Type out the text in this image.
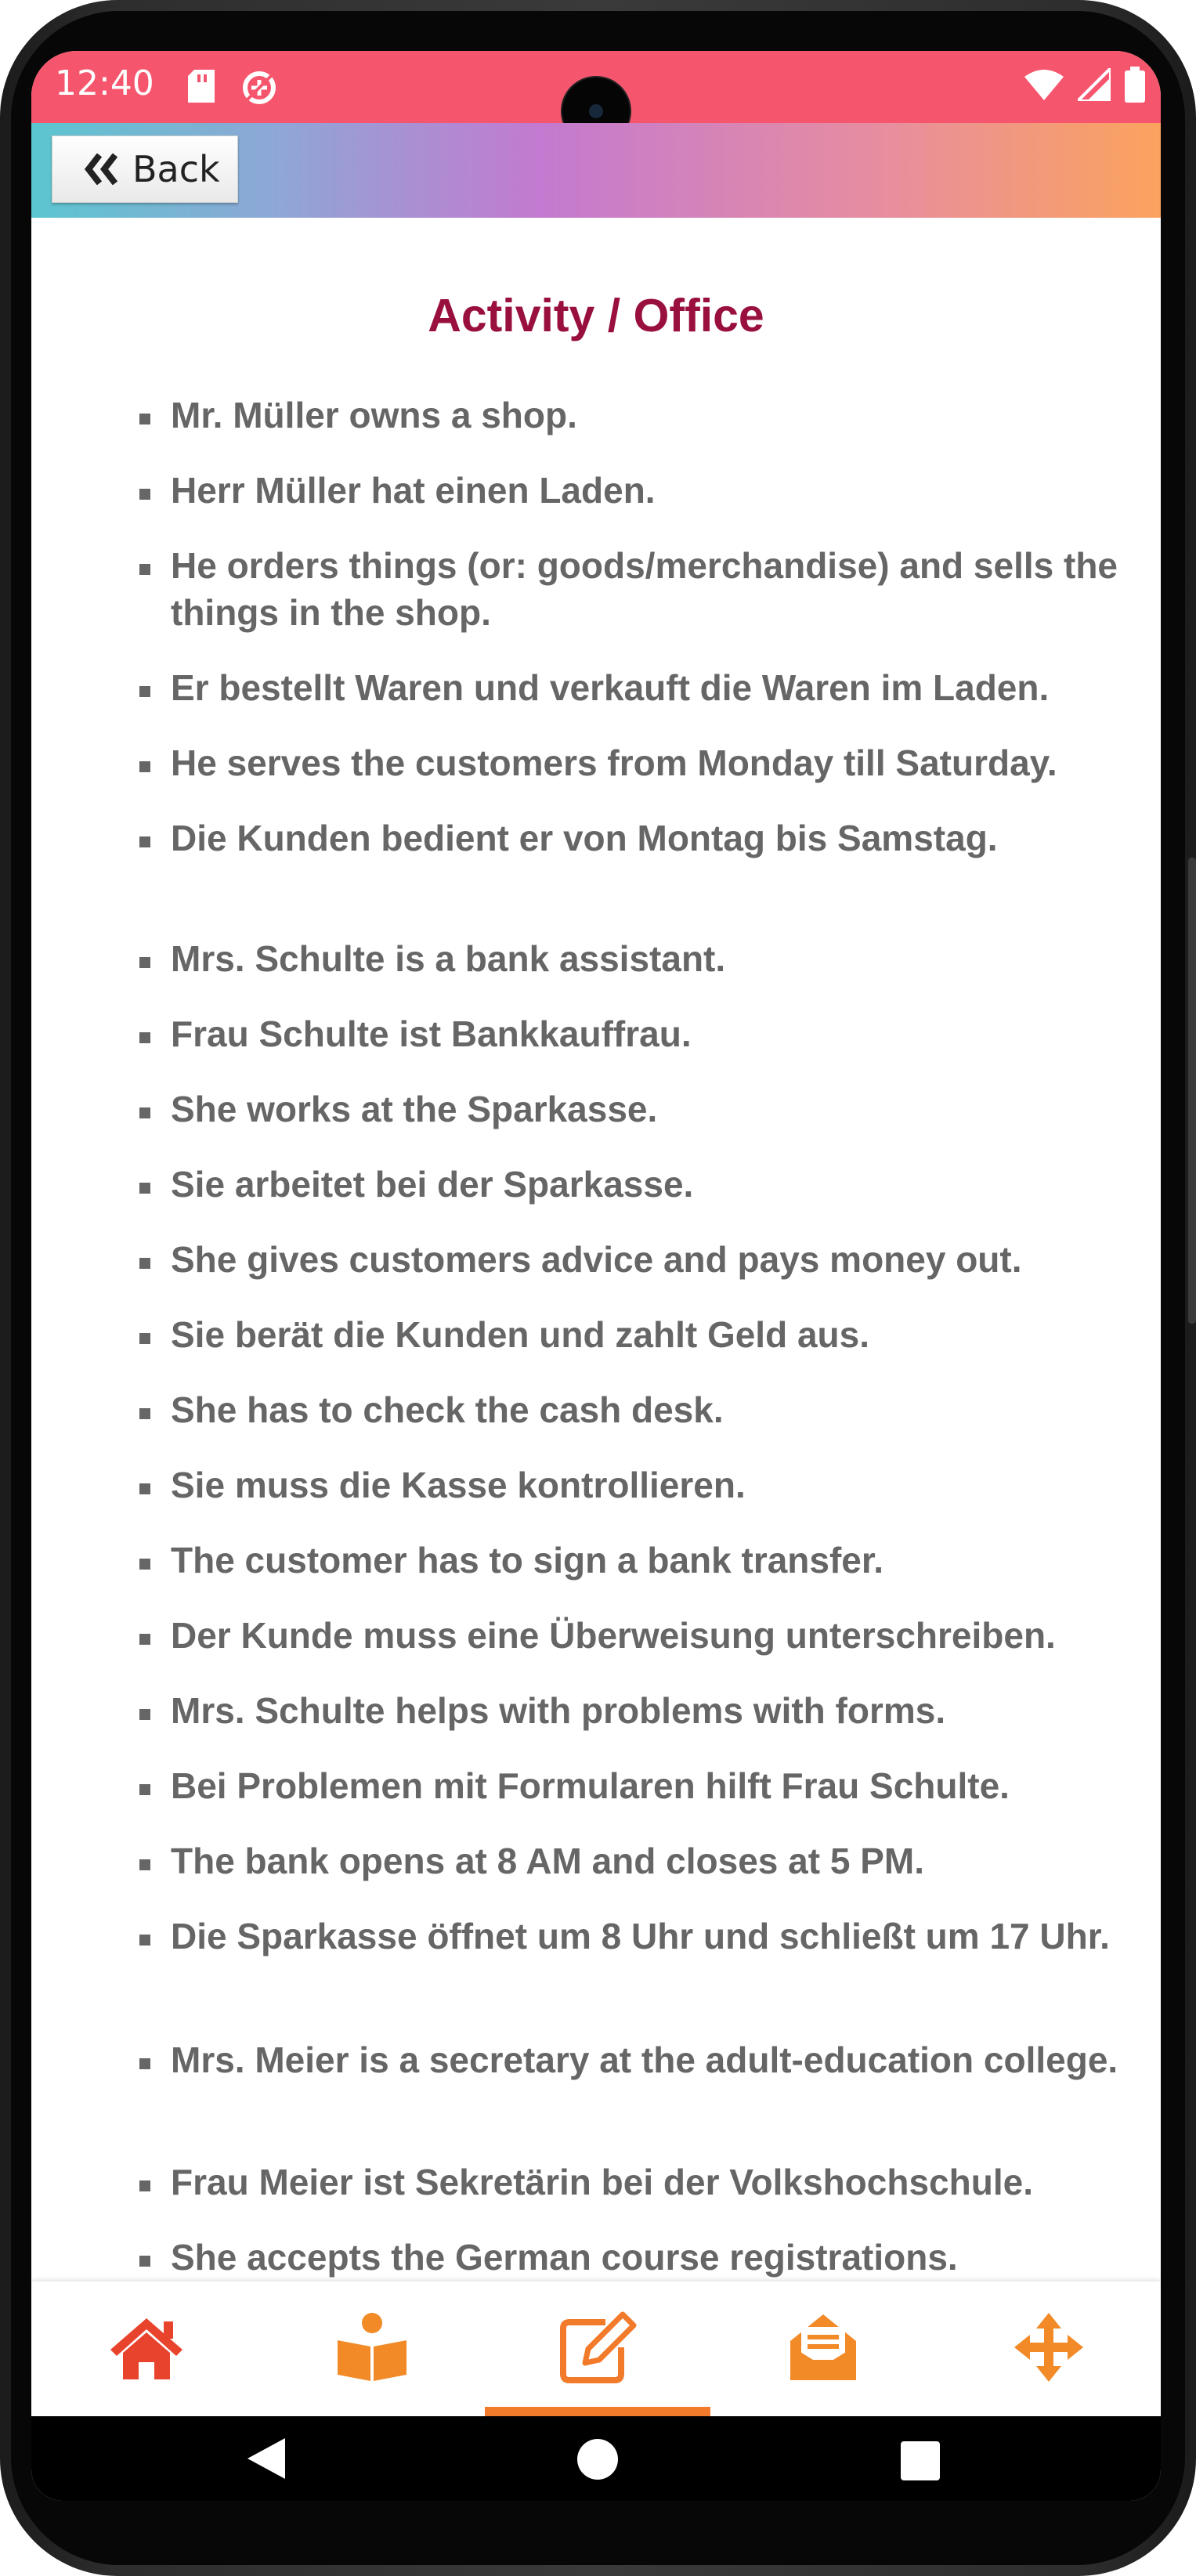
12:40
Back
Activity / Office
Mr. Müller owns a shop.
Herr Müller hat einen Laden.
He orders things (or: goods/merchandise) and sells the things in the shop.
Er bestellt Waren und verkauft die Waren im Laden.
He serves the customers from Monday till Saturday.
Die Kunden bedient er von Montag bis Samstag.
Mrs. Schulte is a bank assistant.
Frau Schulte ist Bankkauffrau.
She works at the Sparkasse.
Sie arbeitet bei der Sparkasse.
She gives customers advice and pays money out.
Sie berät die Kunden und zahlt Geld aus.
She has to check the cash desk.
Sie muss die Kasse kontrollieren.
The customer has to sign a bank transfer.
Der Kunde muss eine Überweisung unterschreiben.
Mrs. Schulte helps with problems with forms.
Bei Problemen mit Formularen hilft Frau Schulte.
The bank opens at 8 AM and closes at 5 PM.
Die Sparkasse öffnet um 8 Uhr und schließt um 17 Uhr.
Mrs. Meier is a secretary at the adult-education college.
Frau Meier ist Sekretärin bei der Volkshochschule.
She accepts the German course registrations.
